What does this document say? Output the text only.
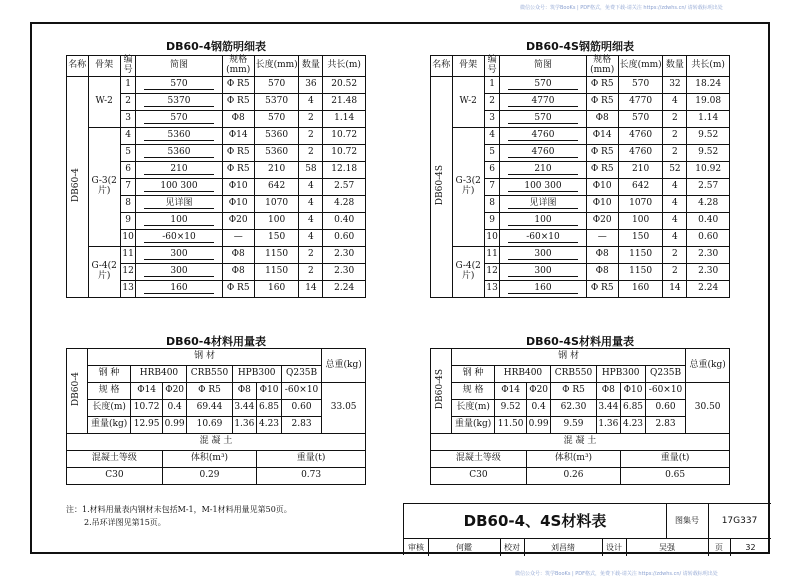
微信公众号：筑学BooKs | PDF格式，免费下载-请关注 https://zdwhs.cn/ 请转载标明出处
微信公众号：筑学BooKs | PDF格式，免费下载-请关注 https://zdwhs.cn/ 请转载标明出处
DB60-4钢筋明细表
名称	骨架	编号	简图	规格(mm)	长度(mm)	数量	共长(m)
DB60-4	W-2	1	570	Φ R5	570	36	20.52
		2	5370	Φ R5	5370	4	21.48
		3	570	Φ8	570	2	1.14
	G-3(2片)	4	5360	Φ14	5360	2	10.72
		5	5360	Φ R5	5360	2	10.72
		6	210	Φ R5	210	58	12.18
		7	100 300	Φ10	642	4	2.57
		8	见详图	Φ10	1070	4	4.28
		9	100	Φ20	100	4	0.40
		10	-60×10	—	150	4	0.60
	G-4(2片)	11	300	Φ8	1150	2	2.30
		12	300	Φ8	1150	2	2.30
		13	160	Φ R5	160	14	2.24
DB60-4S钢筋明细表
名称	骨架	编号	简图	规格(mm)	长度(mm)	数量	共长(m)
DB60-4S	W-2	1	570	Φ R5	570	32	18.24
		2	4770	Φ R5	4770	4	19.08
		3	570	Φ8	570	2	1.14
	G-3(2片)	4	4760	Φ14	4760	2	9.52
		5	4760	Φ R5	4760	2	9.52
		6	210	Φ R5	210	52	10.92
		7	100 300	Φ10	642	4	2.57
		8	见详图	Φ10	1070	4	4.28
		9	100	Φ20	100	4	0.40
		10	-60×10	—	150	4	0.60
	G-4(2片)	11	300	Φ8	1150	2	2.30
		12	300	Φ8	1150	2	2.30
		13	160	Φ R5	160	14	2.24
DB60-4材料用量表
DB60-4	钢 材							总重(kg)
	钢 种	HRB400		CRB550	HPB300		Q235B	
	规 格	Φ14	Φ20	Φ R5	Φ8	Φ10	-60×10	33.05
	长度(m)	10.72	0.4	69.44	3.44	6.85	0.60	
	重量(kg)	12.95	0.99	10.69	1.36	4.23	2.83	
混 凝 土								
混凝土等级			体积(m³)			重量(t)		
C30			0.29			0.73		
DB60-4S材料用量表
DB60-4S	钢 材							总重(kg)
	钢 种	HRB400		CRB550	HPB300		Q235B	
	规 格	Φ14	Φ20	Φ R5	Φ8	Φ10	-60×10	30.50
	长度(m)	9.52	0.4	62.30	3.44	6.85	0.60	
	重量(kg)	11.50	0.99	9.59	1.36	4.23	2.83	
混 凝 土								
混凝土等级			体积(m³)			重量(t)		
C30			0.26			0.65		
注：1.材料用量表内钢材未包括M-1，M-1材料用量见第50页。
2.吊环详图见第15页。	DB60-4、4S材料表	图集号	17G337
审核	何鑑	校对	刘昌绪	设计	吴强	页	32
